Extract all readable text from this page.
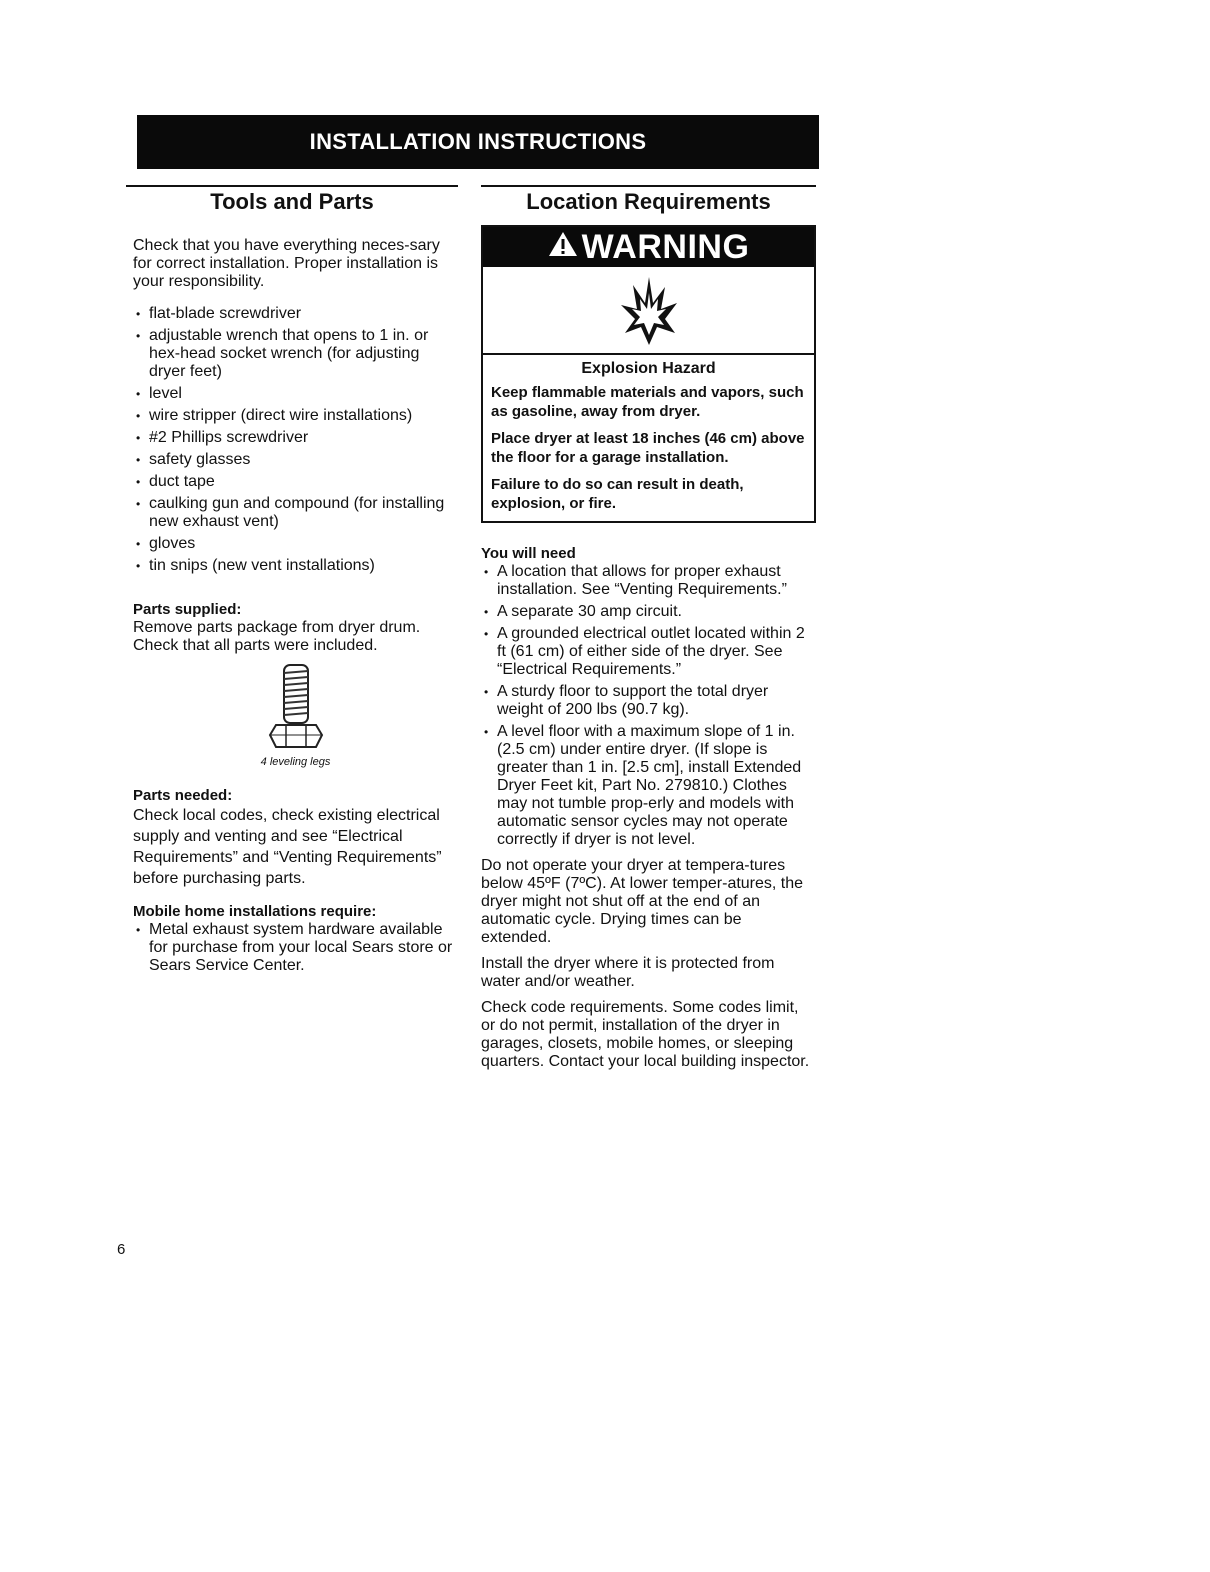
INSTALLATION INSTRUCTIONS
Tools and Parts

Check that you have everything neces-sary for correct installation. Proper installation is your responsibility.

• flat-blade screwdriver
• adjustable wrench that opens to 1 in. or hex-head socket wrench (for adjusting dryer feet)
• level
• wire stripper (direct wire installations)
• #2 Phillips screwdriver
• safety glasses
• duct tape
• caulking gun and compound (for installing new exhaust vent)
• gloves
• tin snips (new vent installations)

Parts supplied:

Remove parts package from dryer drum. Check that all parts were included.

4 leveling legs

Parts needed:

Check local codes, check existing electrical supply and venting and see “Electrical Requirements” and “Venting Requirements” before purchasing parts.

Mobile home installations require:

• Metal exhaust system hardware available for purchase from your local Sears store or Sears Service Center.
Location Requirements
WARNING
Explosion Hazard

Keep flammable materials and vapors, such as gasoline, away from dryer.

Place dryer at least 18 inches (46 cm) above the floor for a garage installation.

Failure to do so can result in death, explosion, or fire.

You will need

• A location that allows for proper exhaust installation. See “Venting Requirements.”
• A separate 30 amp circuit.
• A grounded electrical outlet located within 2 ft (61 cm) of either side of the dryer. See “Electrical Requirements.”
• A sturdy floor to support the total dryer weight of 200 lbs (90.7 kg).
• A level floor with a maximum slope of 1 in. (2.5 cm) under entire dryer. (If slope is greater than 1 in. [2.5 cm], install Extended Dryer Feet kit, Part No. 279810.) Clothes may not tumble prop-erly and models with automatic sensor cycles may not operate correctly if dryer is not level.

Do not operate your dryer at tempera-tures below 45ºF (7ºC). At lower temper-atures, the dryer might not shut off at the end of an automatic cycle. Drying times can be extended.

Install the dryer where it is protected from water and/or weather.

Check code requirements. Some codes limit, or do not permit, installation of the dryer in garages, closets, mobile homes, or sleeping quarters. Contact your local building inspector.

6
